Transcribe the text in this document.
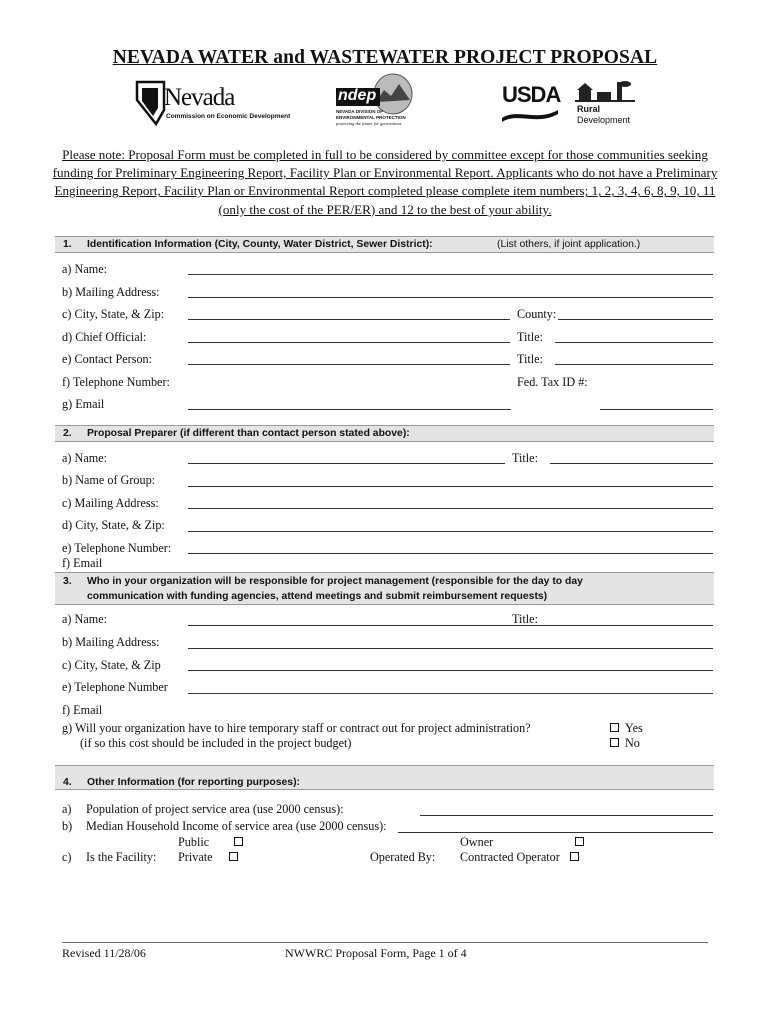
NEVADA WATER and WASTEWATER PROJECT PROPOSAL
Nevada
Commission on Economic Development
ndep
NEVADA DIVISION OF
ENVIRONMENTAL PROTECTION
protecting the future for generations
USDA
Rural
Development
Please note: Proposal Form must be completed in full to be considered by committee except for those communities seeking funding for Preliminary Engineering Report, Facility Plan or Environmental Report. Applicants who do not have a Preliminary Engineering Report, Facility Plan or Environmental Report completed please complete item numbers; 1, 2, 3, 4, 6, 8, 9, 10, 11 (only the cost of the PER/ER) and 12 to the best of your ability.
1. Identification Information (City, County, Water District, Sewer District):	(List others, if joint application.)
a) Name:
b) Mailing Address:
c) City, State, & Zip:	County:
d) Chief Official:	Title:
e) Contact Person:	Title:
f) Telephone Number:	Fed. Tax ID #:
g) Email
2. Proposal Preparer (if different than contact person stated above):
a) Name:	Title:
b) Name of Group:
c) Mailing Address:
d) City, State, & Zip:
e) Telephone Number:
f) Email
3. Who in your organization will be responsible for project management (responsible for the day to day
communication with funding agencies, attend meetings and submit reimbursement requests)
a) Name:	Title:
b) Mailing Address:
c) City, State, & Zip
e) Telephone Number
f) Email
g) Will your organization have to hire temporary staff or contract out for project administration?
(if so this cost should be included in the project budget)
Yes
No
4. Other Information (for reporting purposes):
a) Population of project service area (use 2000 census):
b) Median Household Income of service area (use 2000 census):
Public	Owner
c) Is the Facility: Private	Operated By: Contracted Operator
Revised 11/28/06	NWWRC Proposal Form, Page 1 of 4
